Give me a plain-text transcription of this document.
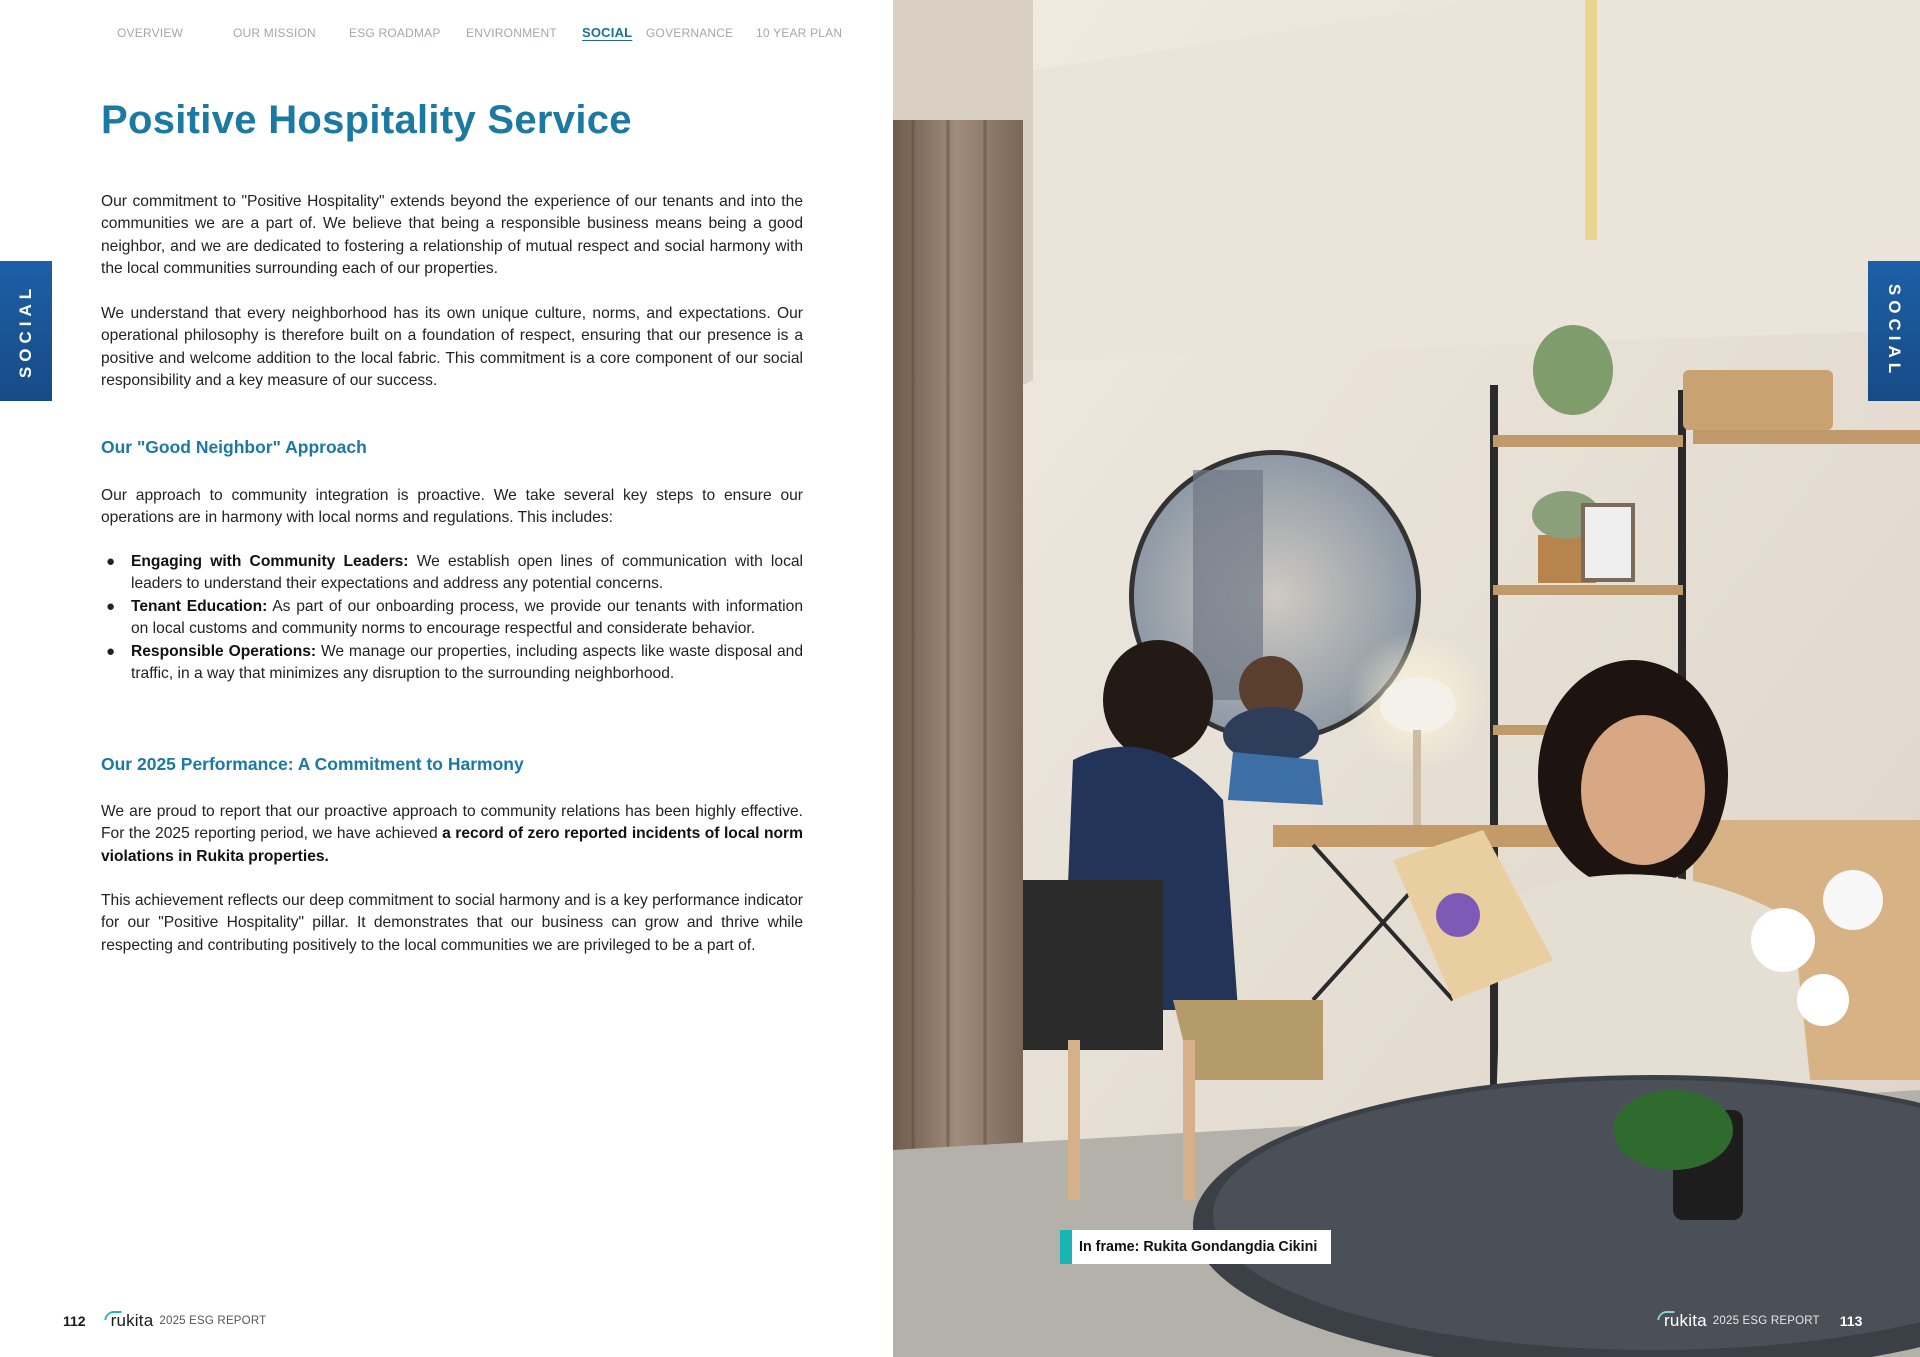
OVERVIEW	OUR MISSION	ESG ROADMAP ENVIRONMENT SOCIAL GOVERNANCE 10 YEAR PLAN
SOCIAL
Positive Hospitality Service

Our commitment to "Positive Hospitality" extends beyond the experience of our tenants and into the communities we are a part of. We believe that being a responsible business means being a good neighbor, and we are dedicated to fostering a relationship of mutual respect and social harmony with the local communities surrounding each of our properties.

We understand that every neighborhood has its own unique culture, norms, and expectations. Our operational philosophy is therefore built on a foundation of respect, ensuring that our presence is a positive and welcome addition to the local fabric. This commitment is a core component of our social responsibility and a key measure of our success.

Our "Good Neighbor" Approach

Our approach to community integration is proactive. We take several key steps to ensure our operations are in harmony with local norms and regulations. This includes:

● Engaging with Community Leaders: We establish open lines of communication with local leaders to understand their expectations and address any potential concerns.
● Tenant Education: As part of our onboarding process, we provide our tenants with information on local customs and community norms to encourage respectful and considerate behavior.
● Responsible Operations: We manage our properties, including aspects like waste disposal and traffic, in a way that minimizes any disruption to the surrounding neighborhood.
Our 2025 Performance: A Commitment to Harmony

We are proud to report that our proactive approach to community relations has been highly effective. For the 2025 reporting period, we have achieved a record of zero reported incidents of local norm violations in Rukita properties.

This achievement reflects our deep commitment to social harmony and is a key performance indicator for our "Positive Hospitality" pillar. It demonstrates that our business can grow and thrive while respecting and contributing positively to the local communities we are privileged to be a part of.

112 rukita 2025 ESG REPORT
SOCIAL
In frame: Rukita Gondangdia Cikini
rukita 2025 ESG REPORT 113
